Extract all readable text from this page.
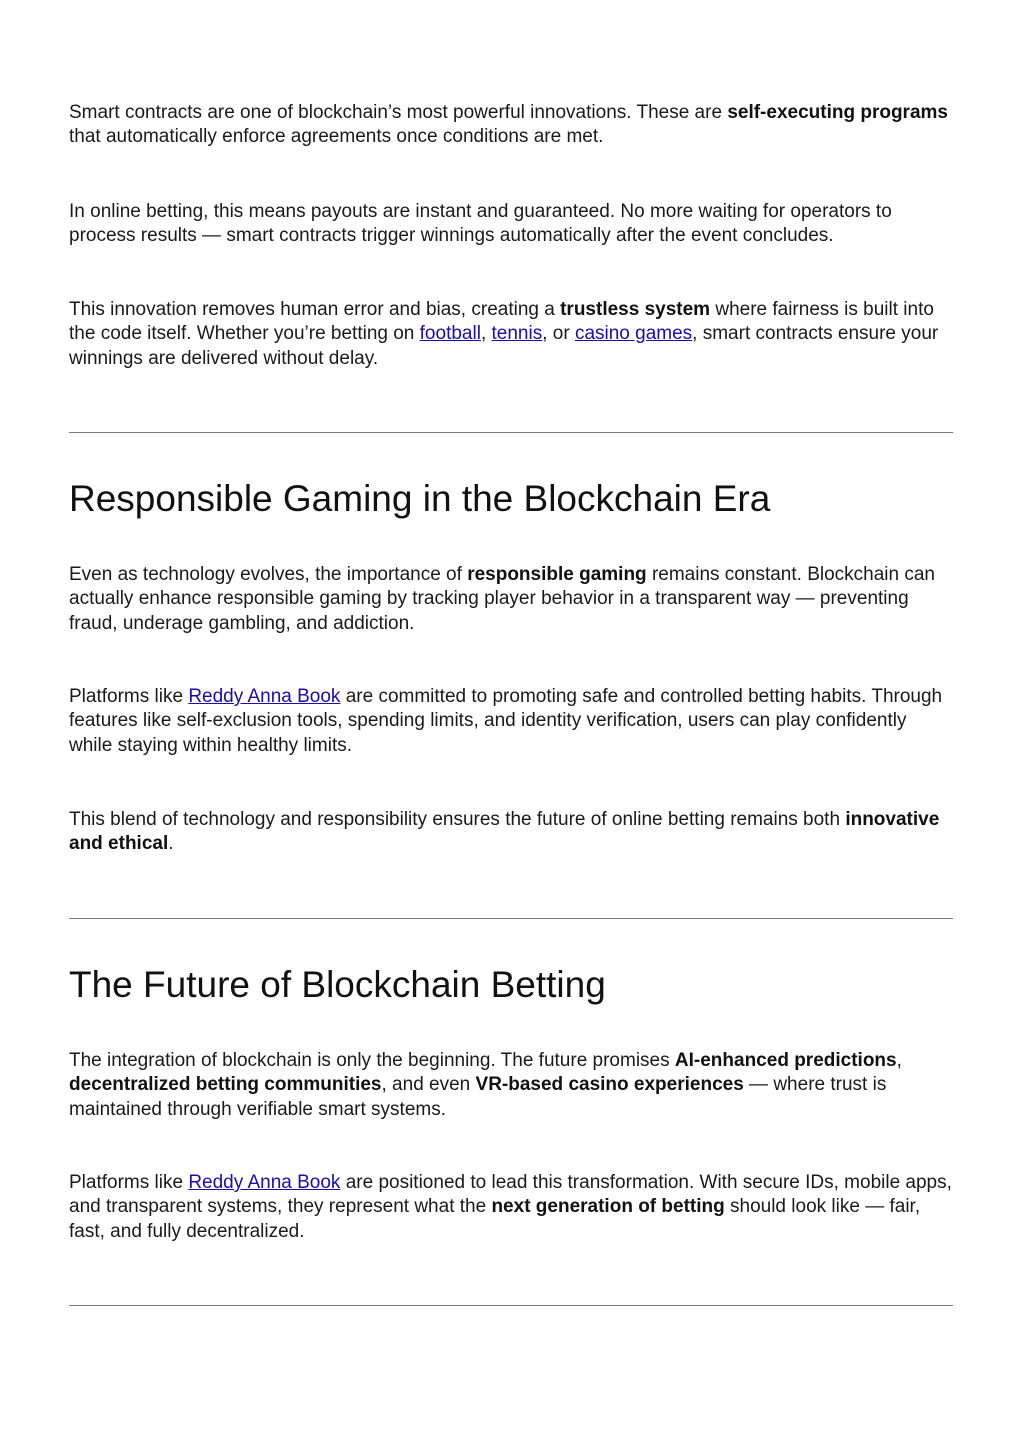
Smart contracts are one of blockchain’s most powerful innovations. These are self-executing programs that automatically enforce agreements once conditions are met.

In online betting, this means payouts are instant and guaranteed. No more waiting for operators to process results — smart contracts trigger winnings automatically after the event concludes.

This innovation removes human error and bias, creating a trustless system where fairness is built into the code itself. Whether you’re betting on football, tennis, or casino games, smart contracts ensure your winnings are delivered without delay.

Responsible Gaming in the Blockchain Era

Even as technology evolves, the importance of responsible gaming remains constant. Blockchain can actually enhance responsible gaming by tracking player behavior in a transparent way — preventing fraud, underage gambling, and addiction.

Platforms like Reddy Anna Book are committed to promoting safe and controlled betting habits. Through features like self-exclusion tools, spending limits, and identity verification, users can play confidently while staying within healthy limits.

This blend of technology and responsibility ensures the future of online betting remains both innovative and ethical.

The Future of Blockchain Betting

The integration of blockchain is only the beginning. The future promises AI-enhanced predictions, decentralized betting communities, and even VR-based casino experiences — where trust is maintained through verifiable smart systems.

Platforms like Reddy Anna Book are positioned to lead this transformation. With secure IDs, mobile apps, and transparent systems, they represent what the next generation of betting should look like — fair, fast, and fully decentralized.
